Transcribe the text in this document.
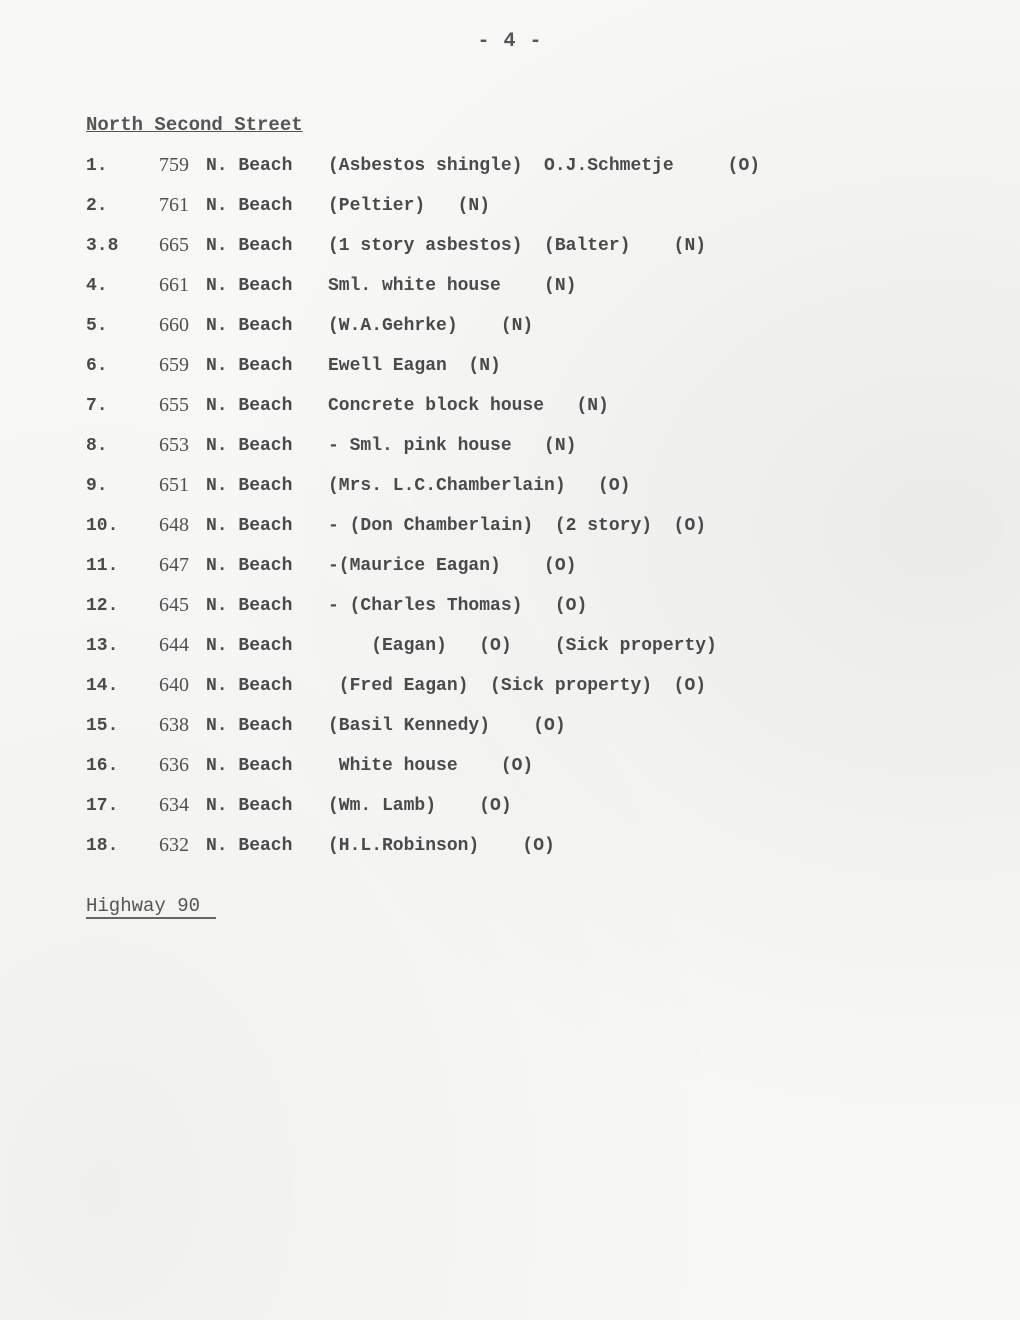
- 4 -
North Second Street
1.	759 N. Beach (Asbestos shingle)  O.J.Schmetje     (O)
2.	761 N. Beach (Peltier)   (N)
3.8	665 N. Beach (1 story asbestos)  (Balter)    (N)
4.	661 N. Beach Sml. white house    (N)
5.	660 N. Beach (W.A.Gehrke)    (N)
6.	659 N. Beach Ewell Eagan  (N)
7.	655 N. Beach Concrete block house   (N)
8.	653 N. Beach - Sml. pink house   (N)
9.	651 N. Beach (Mrs. L.C.Chamberlain)   (O)
10.	648 N. Beach - (Don Chamberlain)  (2 story)  (O)
11.	647 N. Beach -(Maurice Eagan)    (O)
12.	645 N. Beach - (Charles Thomas)   (O)
13.	644 N. Beach (Eagan)   (O)    (Sick property)
14.	640 N. Beach (Fred Eagan)  (Sick property)  (O)
15.	638 N. Beach (Basil Kennedy)    (O)
16.	636 N. Beach White house    (O)
17.	634 N. Beach (Wm. Lamb)    (O)
18.	632 N. Beach (H.L.Robinson)    (O)
Highway 90
